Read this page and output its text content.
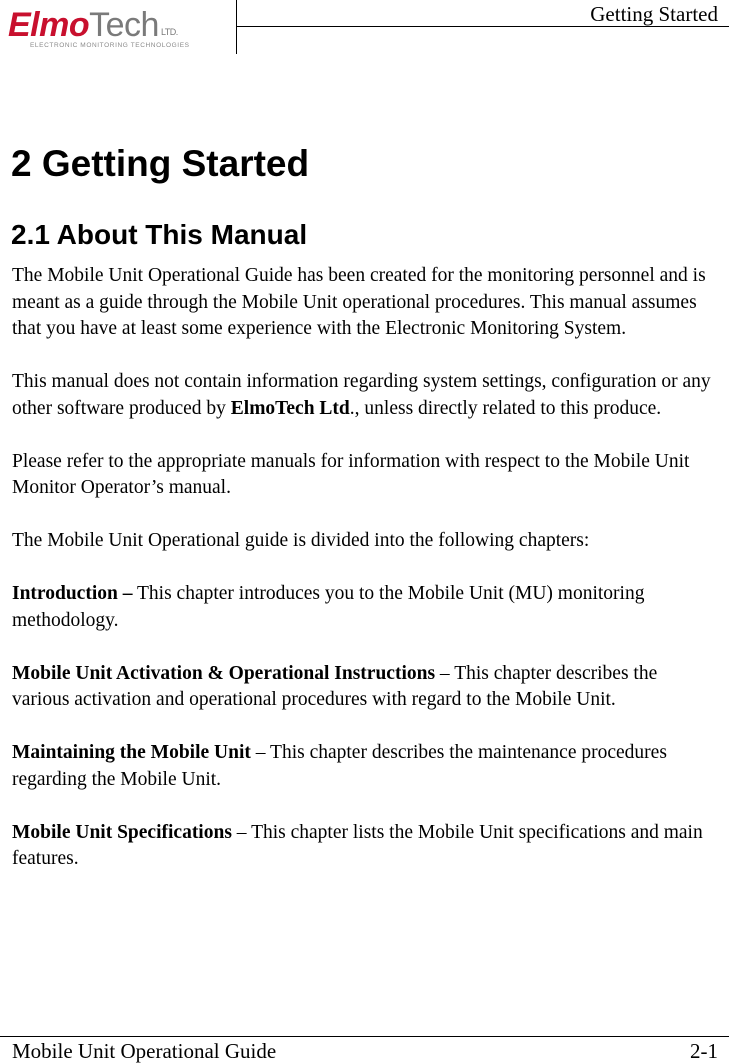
ElmoTech LTD.
ELECTRONIC MONITORING TECHNOLOGIES
Getting Started
2 Getting Started
2.1 About This Manual

The Mobile Unit Operational Guide has been created for the monitoring personnel and is meant as a guide through the Mobile Unit operational procedures. This manual assumes that you have at least some experience with the Electronic Monitoring System.

This manual does not contain information regarding system settings, configuration or any other software produced by ElmoTech Ltd., unless directly related to this produce.

Please refer to the appropriate manuals for information with respect to the Mobile Unit Monitor Operator’s manual.

The Mobile Unit Operational guide is divided into the following chapters:

Introduction – This chapter introduces you to the Mobile Unit (MU) monitoring methodology.

Mobile Unit Activation & Operational Instructions – This chapter describes the various activation and operational procedures with regard to the Mobile Unit.

Maintaining the Mobile Unit – This chapter describes the maintenance procedures regarding the Mobile Unit.

Mobile Unit Specifications – This chapter lists the Mobile Unit specifications and main features.

Mobile Unit Operational Guide	2-1
